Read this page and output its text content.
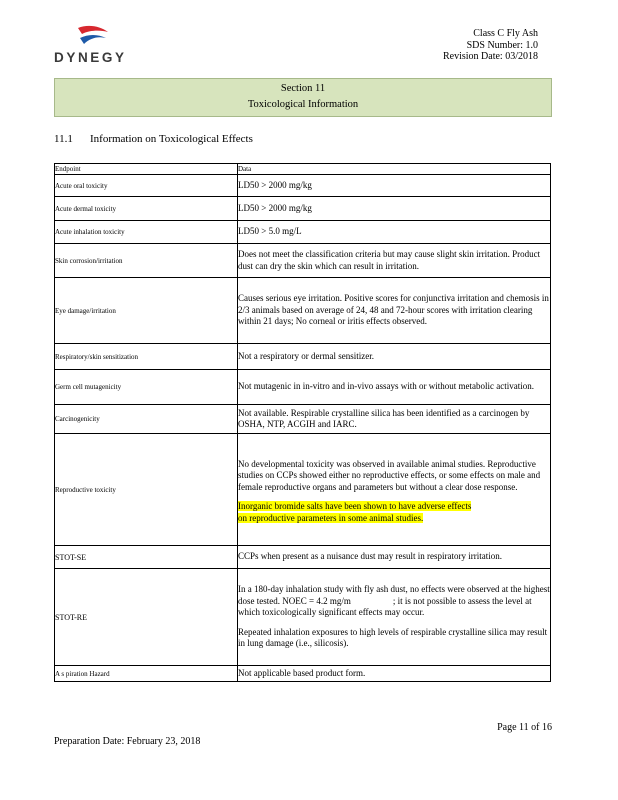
DYNEGY
Class C Fly Ash
SDS Number: 1.0
Revision Date: 03/2018
Section 11
Toxicological Information
11.1 Information on Toxicological Effects
Endpoint	Data
Acute oral toxicity	LD50 > 2000 mg/kg
Acute dermal toxicity	LD50 > 2000 mg/kg
Acute inhalation toxicity	LD50 > 5.0 mg/L
Skin corrosion/irritation	Does not meet the classification criteria but may cause slight skin irritation. Product dust can dry the skin which can result in irritation.
Eye damage/irritation	Causes serious eye irritation. Positive scores for conjunctiva irritation and chemosis in 2/3 animals based on average of 24, 48 and 72-hour scores with irritation clearing within 21 days; No corneal or iritis effects observed.
Respiratory/skin sensitization	Not a respiratory or dermal sensitizer.
Germ cell mutagenicity	Not mutagenic in in-vitro and in-vivo assays with or without metabolic activation.
Carcinogenicity	Not available. Respirable crystalline silica has been identified as a carcinogen by OSHA, NTP, ACGIH and IARC.
Reproductive toxicity	No developmental toxicity was observed in available animal studies. Reproductive studies on CCPs showed either no reproductive effects, or some effects on male and female reproductive organs and parameters but without a clear dose response.
Inorganic bromide salts have been shown to have adverse effects
on reproductive parameters in some animal studies.

STOT-SE	CCPs when present as a nuisance dust may result in respiratory irritation.
STOT-RE	In a 180-day inhalation study with fly ash dust, no effects were observed at the highest dose tested. NOEC = 4.2 mg/m ; it is not possible to assess the level at which toxicologically significant effects may occur.
Repeated inhalation exposures to high levels of respirable crystalline silica may result in lung damage (i.e., silicosis).

A s piration Hazard	Not applicable based product form.
Page 11 of 16
Preparation Date: February 23, 2018
